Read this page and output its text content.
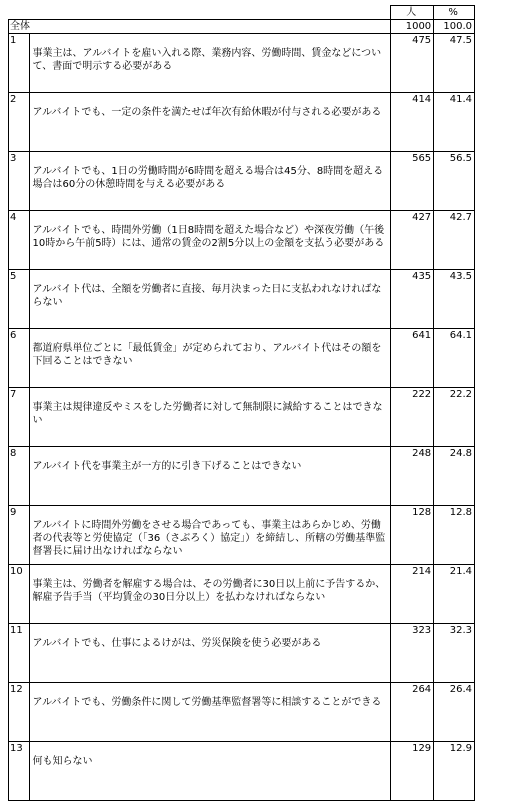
		人	%
全体		1000	100.0
1	事業主は、アルバイトを雇い入れる際、業務内容、労働時間、賃金などについて、書面で明示する必要がある	475	47.5
2	アルバイトでも、一定の条件を満たせば年次有給休暇が付与される必要がある	414	41.4
3	アルバイトでも、1日の労働時間が6時間を超える場合は45分、8時間を超える場合は60分の休憩時間を与える必要がある	565	56.5
4	アルバイトでも、時間外労働（1日8時間を超えた場合など）や深夜労働（午後10時から午前5時）には、通常の賃金の2割5分以上の金額を支払う必要がある	427	42.7
5	アルバイト代は、全額を労働者に直接、毎月決まった日に支払われなければならない	435	43.5
6	都道府県単位ごとに「最低賃金」が定められており、アルバイト代はその額を下回ることはできない	641	64.1
7	事業主は規律違反やミスをした労働者に対して無制限に減給することはできない	222	22.2
8	アルバイト代を事業主が一方的に引き下げることはできない	248	24.8
9	アルバイトに時間外労働をさせる場合であっても、事業主はあらかじめ、労働者の代表等と労使協定（「36（さぶろく）協定」）を締結し、所轄の労働基準監督署長に届け出なければならない	128	12.8
10	事業主は、労働者を解雇する場合は、その労働者に30日以上前に予告するか、解雇予告手当（平均賃金の30日分以上）を払わなければならない	214	21.4
11	アルバイトでも、仕事によるけがは、労災保険を使う必要がある	323	32.3
12	アルバイトでも、労働条件に関して労働基準監督署等に相談することができる	264	26.4
13	何も知らない	129	12.9
